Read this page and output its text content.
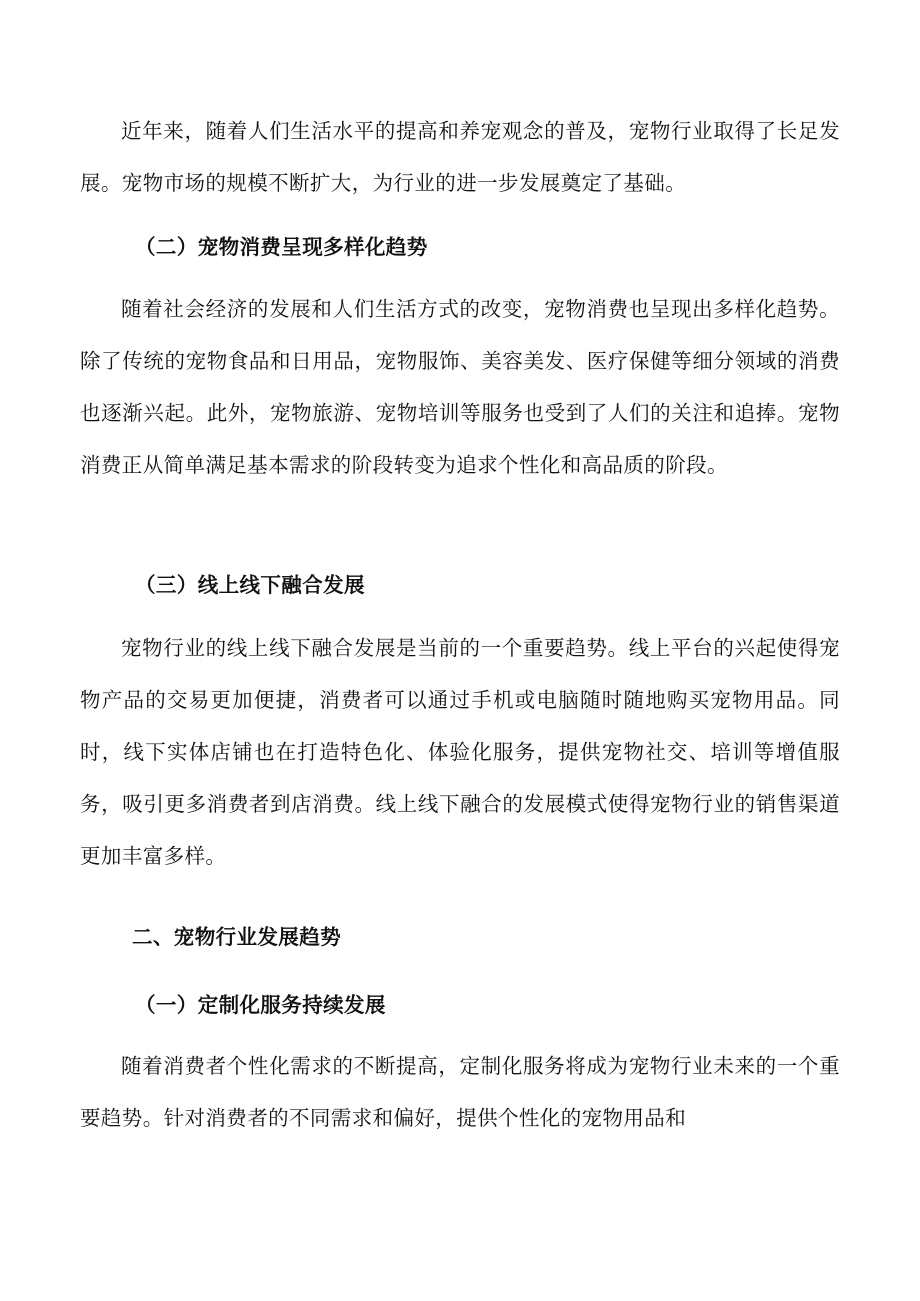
近年来，随着人们生活水平的提高和养宠观念的普及，宠物行业取得了长足发展。宠物市场的规模不断扩大，为行业的进一步发展奠定了基础。

（二）宠物消费呈现多样化趋势

随着社会经济的发展和人们生活方式的改变，宠物消费也呈现出多样化趋势。除了传统的宠物食品和日用品，宠物服饰、美容美发、医疗保健等细分领域的消费也逐渐兴起。此外，宠物旅游、宠物培训等服务也受到了人们的关注和追捧。宠物消费正从简单满足基本需求的阶段转变为追求个性化和高品质的阶段。

（三）线上线下融合发展

宠物行业的线上线下融合发展是当前的一个重要趋势。线上平台的兴起使得宠物产品的交易更加便捷，消费者可以通过手机或电脑随时随地购买宠物用品。同时，线下实体店铺也在打造特色化、体验化服务，提供宠物社交、培训等增值服务，吸引更多消费者到店消费。线上线下融合的发展模式使得宠物行业的销售渠道更加丰富多样。

二、宠物行业发展趋势
（一）定制化服务持续发展

随着消费者个性化需求的不断提高，定制化服务将成为宠物行业未来的一个重要趋势。针对消费者的不同需求和偏好，提供个性化的宠物用品和
